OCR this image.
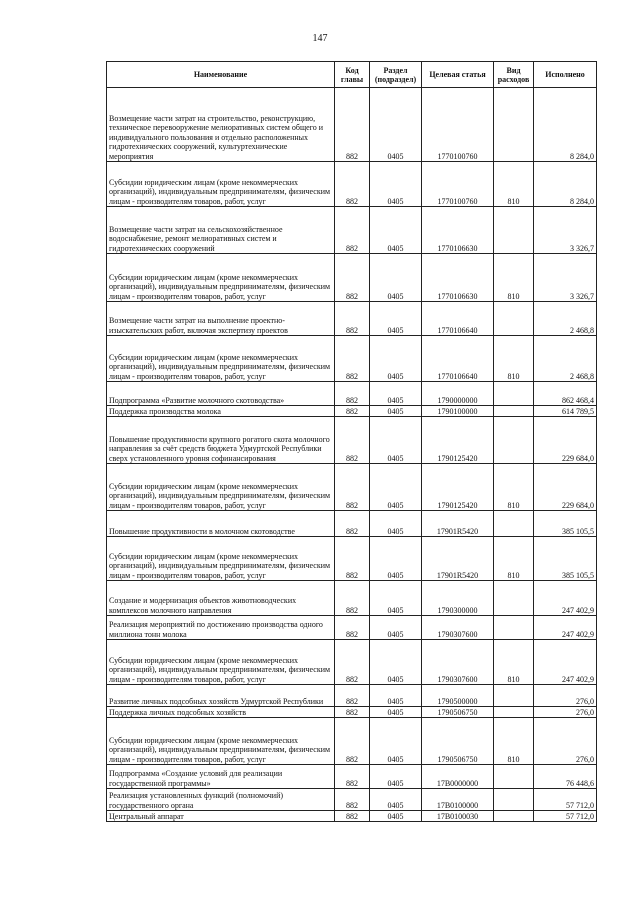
147
Наименование	Код главы	Раздел (подраздел)	Целевая статья	Вид расходов	Исполнено
Возмещение части затрат на строительство, реконструкцию, техническое перевооружение мелиоративных систем общего и индивидуального пользования и отдельно расположенных гидротехнических сооружений, культуртехнические мероприятия	882	0405	1770100760		8 284,0
Субсидии юридическим лицам (кроме некоммерческих организаций), индивидуальным предпринимателям, физическим лицам - производителям товаров, работ, услуг	882	0405	1770100760	810	8 284,0
Возмещение части затрат на сельскохозяйственное водоснабжение, ремонт мелиоративных систем и гидротехнических сооружений	882	0405	1770106630		3 326,7
Субсидии юридическим лицам (кроме некоммерческих организаций), индивидуальным предпринимателям, физическим лицам - производителям товаров, работ, услуг	882	0405	1770106630	810	3 326,7
Возмещение части затрат на выполнение проектно-изыскательских работ, включая экспертизу проектов	882	0405	1770106640		2 468,8
Субсидии юридическим лицам (кроме некоммерческих организаций), индивидуальным предпринимателям, физическим лицам - производителям товаров, работ, услуг	882	0405	1770106640	810	2 468,8
Подпрограмма «Развитие молочного скотоводства»	882	0405	1790000000		862 468,4
Поддержка производства молока	882	0405	1790100000		614 789,5
Повышение продуктивности крупного рогатого скота молочного направления за счёт средств бюджета Удмуртской Республики сверх установленного уровня софинансирования	882	0405	1790125420		229 684,0
Субсидии юридическим лицам (кроме некоммерческих организаций), индивидуальным предпринимателям, физическим лицам - производителям товаров, работ, услуг	882	0405	1790125420	810	229 684,0
Повышение продуктивности в молочном скотоводстве	882	0405	17901R5420		385 105,5
Субсидии юридическим лицам (кроме некоммерческих организаций), индивидуальным предпринимателям, физическим лицам - производителям товаров, работ, услуг	882	0405	17901R5420	810	385 105,5
Создание и модернизация объектов животноводческих комплексов молочного направления	882	0405	1790300000		247 402,9
Реализация мероприятий по достижению производства одного миллиона тонн молока	882	0405	1790307600		247 402,9
Субсидии юридическим лицам (кроме некоммерческих организаций), индивидуальным предпринимателям, физическим лицам - производителям товаров, работ, услуг	882	0405	1790307600	810	247 402,9
Развитие личных подсобных хозяйств Удмуртской Республики	882	0405	1790500000		276,0
Поддержка личных подсобных хозяйств	882	0405	1790506750		276,0
Субсидии юридическим лицам (кроме некоммерческих организаций), индивидуальным предпринимателям, физическим лицам - производителям товаров, работ, услуг	882	0405	1790506750	810	276,0
Подпрограмма «Создание условий для реализации государственной программы»	882	0405	17В0000000		76 448,6
Реализация установленных функций (полномочий) государственного органа	882	0405	17В0100000		57 712,0
Центральный аппарат	882	0405	17В0100030		57 712,0
